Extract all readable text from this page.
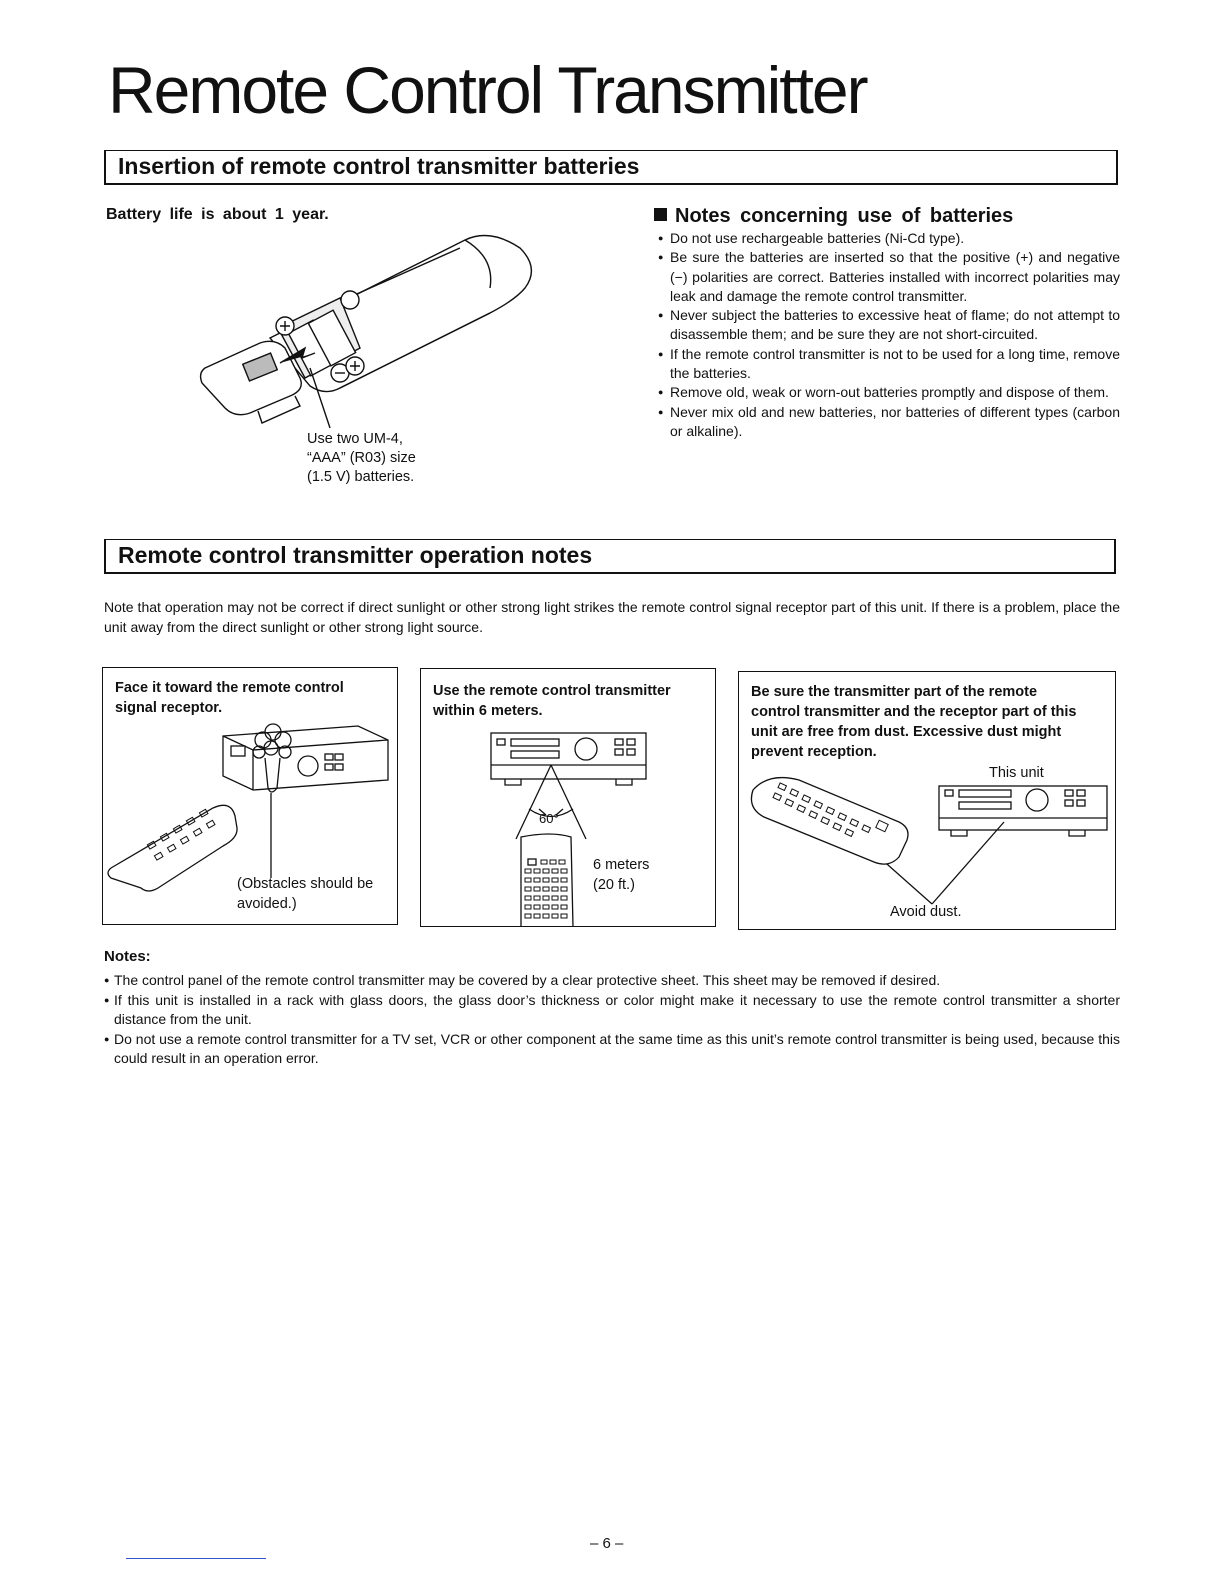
Remote Control Transmitter
Insertion of remote control transmitter batteries
Battery life is about 1 year.
Use two UM-4,
“AAA” (R03) size
(1.5 V) batteries.
Notes concerning use of batteries
● Do not use rechargeable batteries (Ni-Cd type).
● Be sure the batteries are inserted so that the positive (+) and negative (−) polarities are correct. Batteries installed with incorrect polarities may leak and damage the remote control transmitter.
● Never subject the batteries to excessive heat of flame; do not attempt to disassemble them; and be sure they are not short-circuited.
● If the remote control transmitter is not to be used for a long time, remove the batteries.
● Remove old, weak or worn-out batteries promptly and dispose of them.
● Never mix old and new batteries, nor batteries of different types (carbon or alkaline).
Remote control transmitter operation notes
Note that operation may not be correct if direct sunlight or other strong light strikes the remote control signal receptor part of this unit. If there is a problem, place the unit away from the direct sunlight or other strong light source.
Face it toward the remote control
signal receptor.
(Obstacles should be
avoided.)
Use the remote control transmitter
within 6 meters.
60°
6 meters
(20 ft.)
Be sure the transmitter part of the remote
control transmitter and the receptor part of this
unit are free from dust. Excessive dust might
prevent reception.
This unit
Avoid dust.
Notes:
● The control panel of the remote control transmitter may be covered by a clear protective sheet. This sheet may be removed if desired.
● If this unit is installed in a rack with glass doors, the glass door’s thickness or color might make it necessary to use the remote control transmitter a shorter distance from the unit.
● Do not use a remote control transmitter for a TV set, VCR or other component at the same time as this unit’s remote control transmitter is being used, because this could result in an operation error.
– 6 –
